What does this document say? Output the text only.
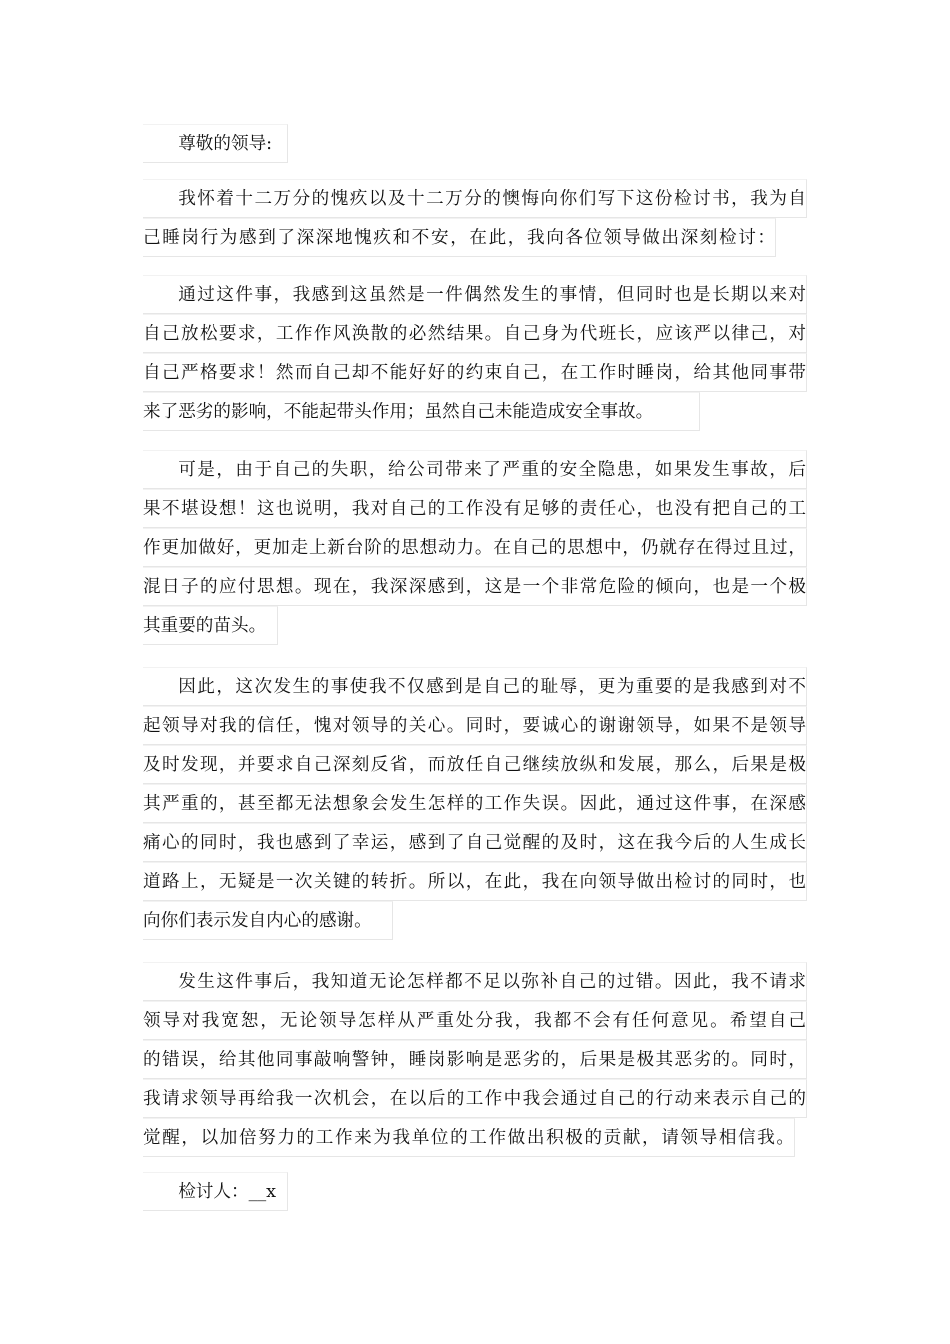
尊敬的领导:
我怀着十二万分的愧疚以及十二万分的懊悔向你们写下这份检讨书，我为自
己睡岗行为感到了深深地愧疚和不安，在此，我向各位领导做出深刻检讨：
通过这件事，我感到这虽然是一件偶然发生的事情，但同时也是长期以来对
自己放松要求，工作作风涣散的必然结果。自己身为代班长，应该严以律己，对
自己严格要求！然而自己却不能好好的约束自己，在工作时睡岗，给其他同事带
来了恶劣的影响，不能起带头作用；虽然自己未能造成安全事故。
可是，由于自己的失职，给公司带来了严重的安全隐患，如果发生事故，后
果不堪设想！这也说明，我对自己的工作没有足够的责任心，也没有把自己的工
作更加做好，更加走上新台阶的思想动力。在自己的思想中，仍就存在得过且过，
混日子的应付思想。现在，我深深感到，这是一个非常危险的倾向，也是一个极
其重要的苗头。
因此，这次发生的事使我不仅感到是自己的耻辱，更为重要的是我感到对不
起领导对我的信任，愧对领导的关心。同时，要诚心的谢谢领导，如果不是领导
及时发现，并要求自己深刻反省，而放任自己继续放纵和发展，那么，后果是极
其严重的，甚至都无法想象会发生怎样的工作失误。因此，通过这件事，在深感
痛心的同时，我也感到了幸运，感到了自己觉醒的及时，这在我今后的人生成长
道路上，无疑是一次关键的转折。所以，在此，我在向领导做出检讨的同时，也
向你们表示发自内心的感谢。
发生这件事后，我知道无论怎样都不足以弥补自己的过错。因此，我不请求
领导对我宽恕，无论领导怎样从严重处分我，我都不会有任何意见。希望自己
的错误，给其他同事敲响警钟，睡岗影响是恶劣的，后果是极其恶劣的。同时，
我请求领导再给我一次机会，在以后的工作中我会通过自己的行动来表示自己的
觉醒，以加倍努力的工作来为我单位的工作做出积极的贡献，请领导相信我。
检讨人：__x
